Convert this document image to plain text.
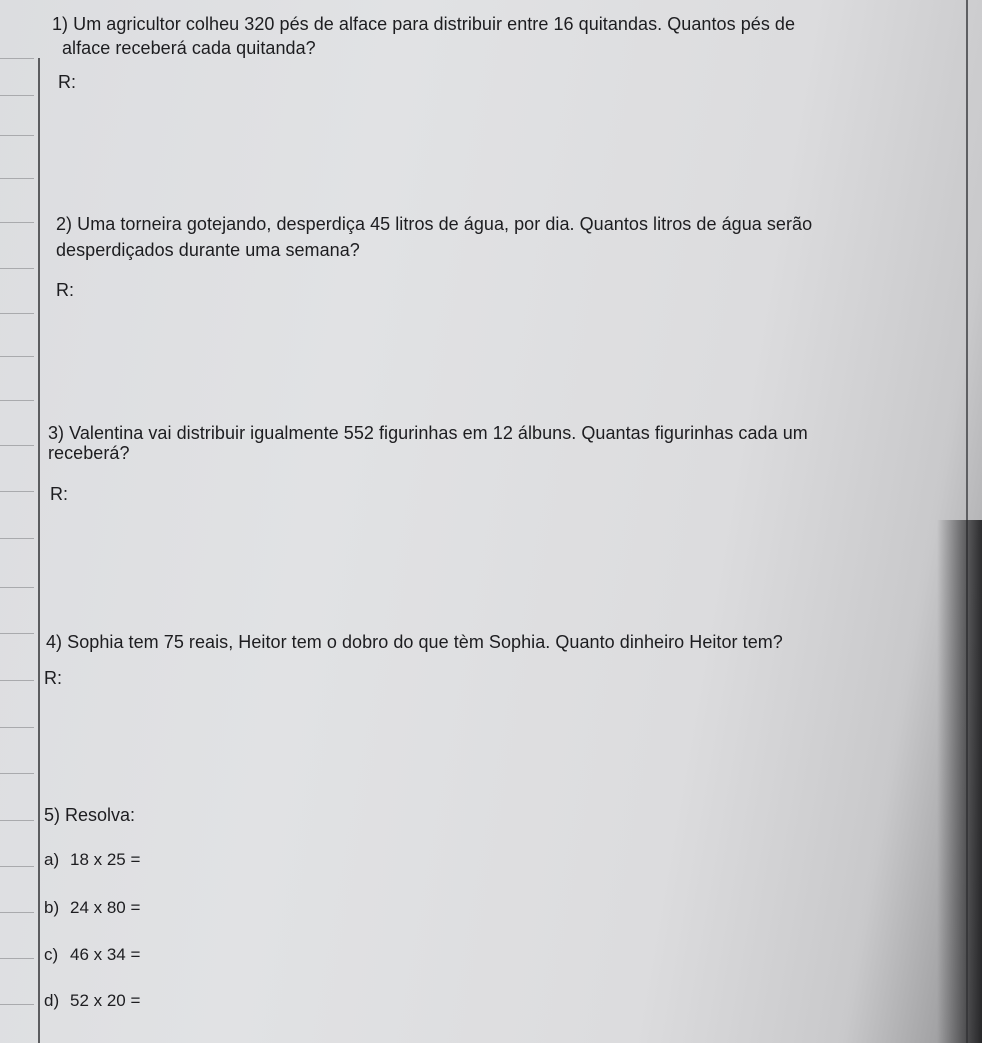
1) Um agricultor colheu 320 pés de alface para distribuir entre 16 quitandas. Quantos pés de
alface receberá cada quitanda?
R:
2) Uma torneira gotejando, desperdiça 45 litros de água, por dia. Quantos litros de água serão
desperdiçados durante uma semana?
R:
3) Valentina vai distribuir igualmente 552 figurinhas em 12 álbuns. Quantas figurinhas cada um
receberá?
R:
4) Sophia tem 75 reais, Heitor tem o dobro do que tèm Sophia. Quanto dinheiro Heitor tem?
R:
5) Resolva:
a) 18 x 25 =
b) 24 x 80 =
c) 46 x 34 =
d) 52 x 20 =
